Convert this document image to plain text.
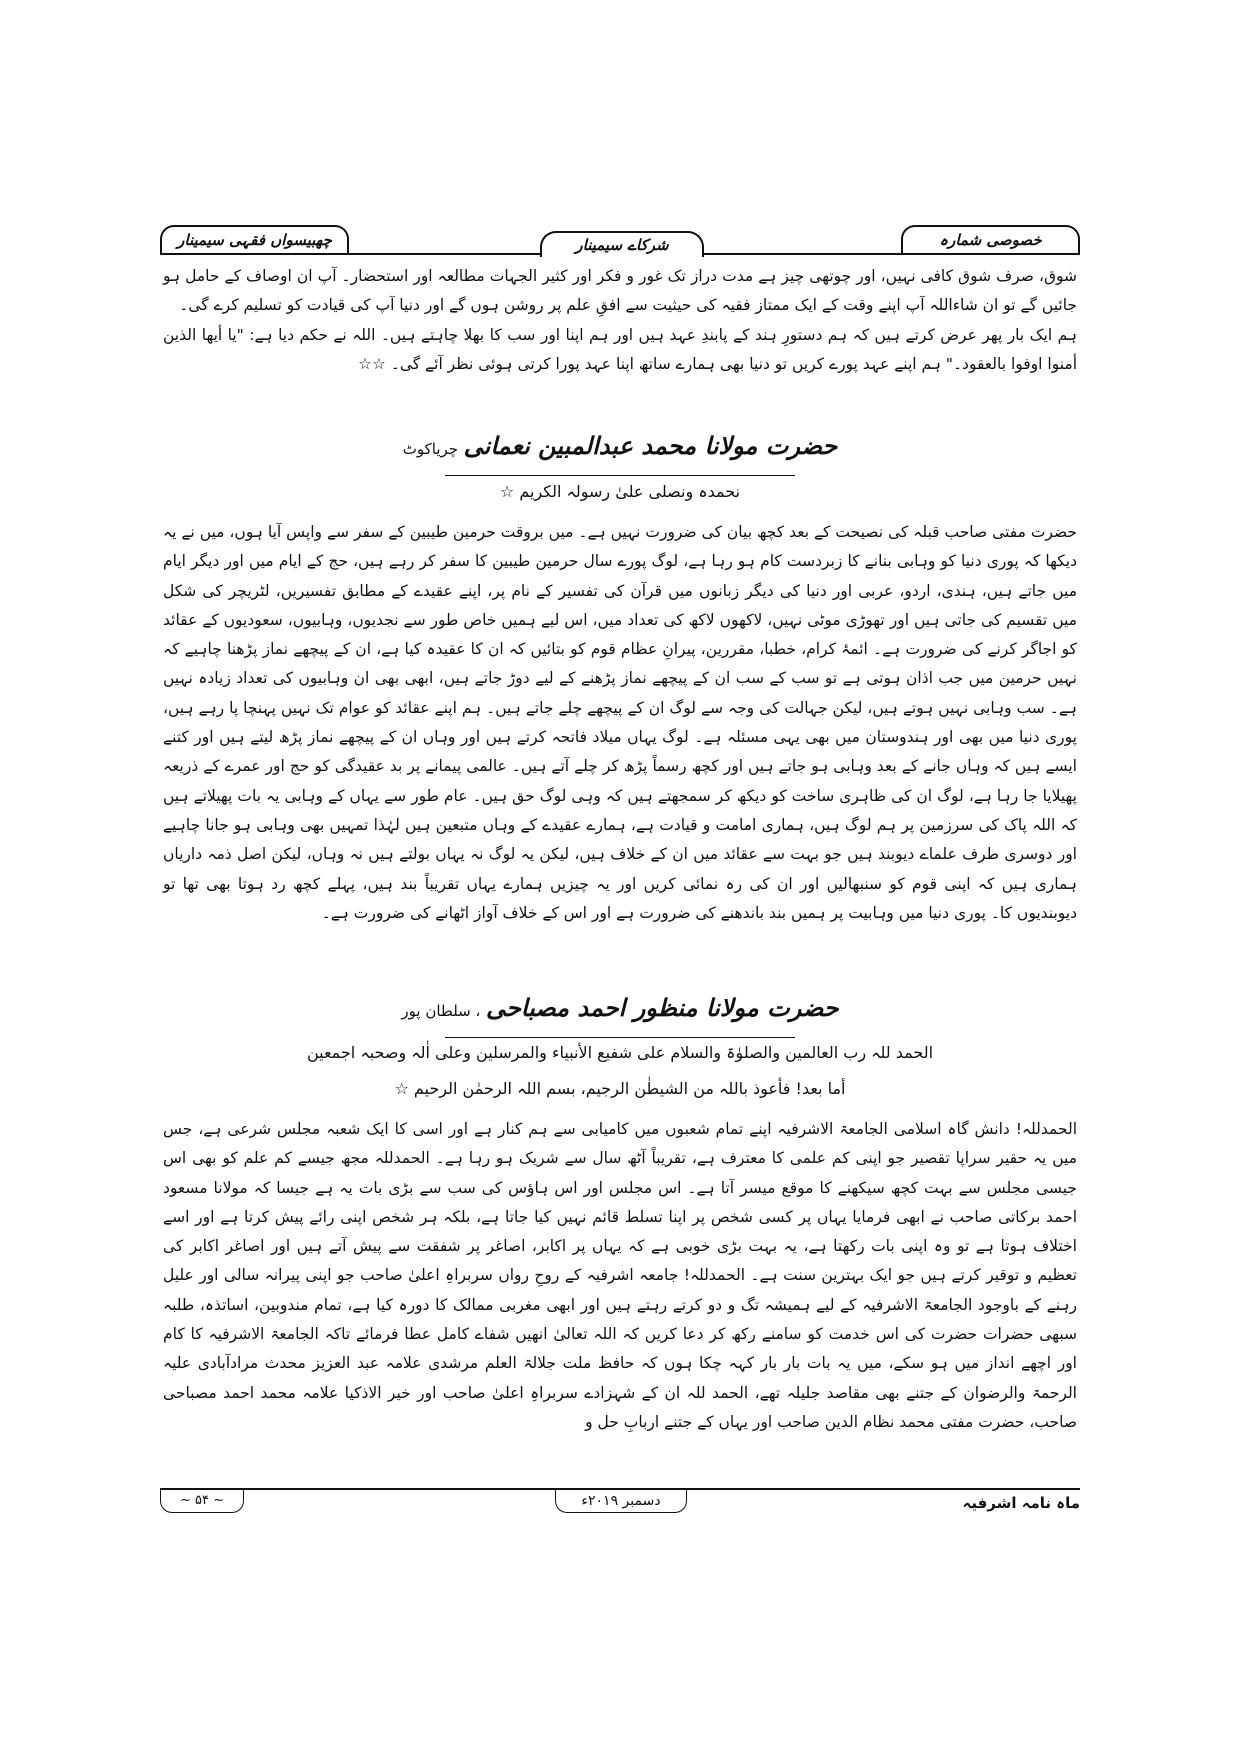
خصوصی شمارہ
شرکاے سیمینار
چھبیسواں فقہی سیمینار

شوق، صرف شوق کافی نہیں، اور چوتھی چیز ہے مدت دراز تک غور و فکر اور کثیر الجہات مطالعہ اور استحضار۔ آپ ان اوصاف کے حامل ہو جائیں گے تو ان شاءاللہ آپ اپنے وقت کے ایک ممتاز فقیہ کی حیثیت سے افقِ علم پر روشن ہوں گے اور دنیا آپ کی قیادت کو تسلیم کرے گی۔

ہم ایک بار پھر عرض کرتے ہیں کہ ہم دستورِ ہند کے پابندِ عہد ہیں اور ہم اپنا اور سب کا بھلا چاہتے ہیں۔ اللہ نے حکم دیا ہے: "یا أیھا الذین أمنوا اوفوا بالعقود۔" ہم اپنے عہد پورے کریں تو دنیا بھی ہمارے ساتھ اپنا عہد پورا کرتی ہوئی نظر آئے گی۔ ☆☆

حضرت مولانا محمد عبدالمبین نعمانی چریاکوٹ
نحمدہ ونصلی علیٰ رسولہ الکریم ☆

حضرت مفتی صاحب قبلہ کی نصیحت کے بعد کچھ بیان کی ضرورت نہیں ہے۔ میں بروقت حرمین طیبین کے سفر سے واپس آیا ہوں، میں نے یہ دیکھا کہ پوری دنیا کو وہابی بنانے کا زبردست کام ہو رہا ہے، لوگ پورے سال حرمین طیبین کا سفر کر رہے ہیں، حج کے ایام میں اور دیگر ایام میں جاتے ہیں، ہندی، اردو، عربی اور دنیا کی دیگر زبانوں میں قرآن کی تفسیر کے نام پر، اپنے عقیدے کے مطابق تفسیریں، لٹریچر کی شکل میں تقسیم کی جاتی ہیں اور تھوڑی موٹی نہیں، لاکھوں لاکھ کی تعداد میں، اس لیے ہمیں خاص طور سے نجدیوں، وہابیوں، سعودیوں کے عقائد کو اجاگر کرنے کی ضرورت ہے۔ ائمۂ کرام، خطبا، مقررین، پیرانِ عظام قوم کو بتائیں کہ ان کا عقیدہ کیا ہے، ان کے پیچھے نماز پڑھنا چاہیے کہ نہیں حرمین میں جب اذان ہوتی ہے تو سب کے سب ان کے پیچھے نماز پڑھنے کے لیے دوڑ جاتے ہیں، ابھی بھی ان وہابیوں کی تعداد زیادہ نہیں ہے۔ سب وہابی نہیں ہوتے ہیں، لیکن جہالت کی وجہ سے لوگ ان کے پیچھے چلے جاتے ہیں۔ ہم اپنے عقائد کو عوام تک نہیں پہنچا پا رہے ہیں، پوری دنیا میں بھی اور ہندوستان میں بھی یہی مسئلہ ہے۔ لوگ یہاں میلاد فاتحہ کرتے ہیں اور وہاں ان کے پیچھے نماز پڑھ لیتے ہیں اور کتنے ایسے ہیں کہ وہاں جانے کے بعد وہابی ہو جاتے ہیں اور کچھ رسماً پڑھ کر چلے آتے ہیں۔ عالمی پیمانے پر بد عقیدگی کو حج اور عمرے کے ذریعہ پھیلایا جا رہا ہے، لوگ ان کی ظاہری ساخت کو دیکھ کر سمجھتے ہیں کہ وہی لوگ حق ہیں۔ عام طور سے یہاں کے وہابی یہ بات پھیلاتے ہیں کہ اللہ پاک کی سرزمین پر ہم لوگ ہیں، ہماری امامت و قیادت ہے، ہمارے عقیدے کے وہاں متبعین ہیں لہٰذا تمہیں بھی وہابی ہو جانا چاہیے اور دوسری طرف علماے دیوبند ہیں جو بہت سے عقائد میں ان کے خلاف ہیں، لیکن یہ لوگ نہ یہاں بولتے ہیں نہ وہاں، لیکن اصل ذمہ داریاں ہماری ہیں کہ اپنی قوم کو سنبھالیں اور ان کی رہ نمائی کریں اور یہ چیزیں ہمارے یہاں تقریباً بند ہیں، پہلے کچھ رد ہوتا بھی تھا تو دیوبندیوں کا۔ پوری دنیا میں وہابیت پر ہمیں بند باندھنے کی ضرورت ہے اور اس کے خلاف آواز اٹھانے کی ضرورت ہے۔

حضرت مولانا منظور احمد مصباحی ، سلطان پور
الحمد للہ رب العالمین والصلوٰۃ والسلام علی شفیع الأنبیاء والمرسلین وعلی اٰلہ وصحبہ اجمعین
أما بعد! فأعوذ باللہ من الشیطٰن الرجیم، بسم اللہ الرحمٰن الرحیم ☆

الحمدللہ! دانش گاہ اسلامی الجامعۃ الاشرفیہ اپنے تمام شعبوں میں کامیابی سے ہم کنار ہے اور اسی کا ایک شعبہ مجلس شرعی ہے، جس میں یہ حقیر سراپا تقصیر جو اپنی کم علمی کا معترف ہے، تقریباً آٹھ سال سے شریک ہو رہا ہے۔ الحمدللہ مجھ جیسے کم علم کو بھی اس جیسی مجلس سے بہت کچھ سیکھنے کا موقع میسر آتا ہے۔ اس مجلس اور اس ہاؤس کی سب سے بڑی بات یہ ہے جیسا کہ مولانا مسعود احمد برکاتی صاحب نے ابھی فرمایا یہاں پر کسی شخص پر اپنا تسلط قائم نہیں کیا جاتا ہے، بلکہ ہر شخص اپنی رائے پیش کرتا ہے اور اسے اختلاف ہوتا ہے تو وہ اپنی بات رکھتا ہے، یہ بہت بڑی خوبی ہے کہ یہاں پر اکابر، اصاغر پر شفقت سے پیش آتے ہیں اور اصاغر اکابر کی تعظیم و توقیر کرتے ہیں جو ایک بہترین سنت ہے۔ الحمدللہ! جامعہ اشرفیہ کے روحِ رواں سربراہِ اعلیٰ صاحب جو اپنی پیرانہ سالی اور علیل رہنے کے باوجود الجامعۃ الاشرفیہ کے لیے ہمیشہ تگ و دو کرتے رہتے ہیں اور ابھی مغربی ممالک کا دورہ کیا ہے، تمام مندوبین، اساتذہ، طلبہ سبھی حضرات حضرت کی اس خدمت کو سامنے رکھ کر دعا کریں کہ اللہ تعالیٰ انھیں شفاے کامل عطا فرمائے تاکہ الجامعۃ الاشرفیہ کا کام اور اچھے انداز میں ہو سکے، میں یہ بات بار بار کہہ چکا ہوں کہ حافظ ملت جلالۃ العلم مرشدی علامہ عبد العزیز محدث مرادآبادی علیہ الرحمۃ والرضوان کے جتنے بھی مقاصد جلیلہ تھے، الحمد للہ ان کے شہزادے سربراہِ اعلیٰ صاحب اور خیر الاذکیا علامہ محمد احمد مصباحی صاحب، حضرت مفتی محمد نظام الدین صاحب اور یہاں کے جتنے اربابِ حل و

ماہ نامہ اشرفیہ
دسمبر ۲۰۱۹ء
~ ۵۴ ~
